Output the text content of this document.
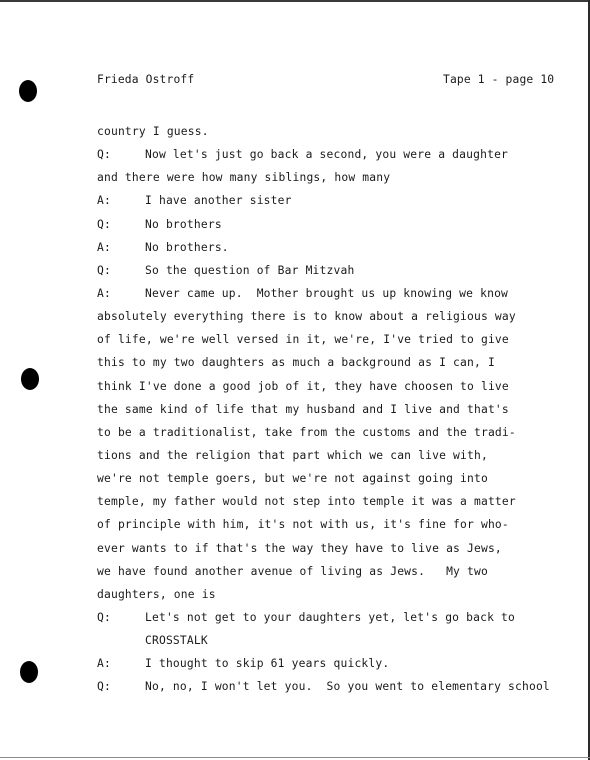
Frieda Ostroff	Tape 1 - page 10
country I guess.
Q:	Now let's just go back a second, you were a daughter
and there were how many siblings, how many
A:	I have another sister
Q:	No brothers
A:	No brothers.
Q:	So the question of Bar Mitzvah
A:	Never came up.  Mother brought us up knowing we know
absolutely everything there is to know about a religious way
of life, we're well versed in it, we're, I've tried to give
this to my two daughters as much a background as I can, I
think I've done a good job of it, they have choosen to live
the same kind of life that my husband and I live and that's
to be a traditionalist, take from the customs and the tradi-
tions and the religion that part which we can live with,
we're not temple goers, but we're not against going into
temple, my father would not step into temple it was a matter
of principle with him, it's not with us, it's fine for who-
ever wants to if that's the way they have to live as Jews,
we have found another avenue of living as Jews.   My two
daughters, one is
Q:	Let's not get to your daughters yet, let's go back to
CROSSTALK
A:	I thought to skip 61 years quickly.
Q:	No, no, I won't let you.  So you went to elementary school
